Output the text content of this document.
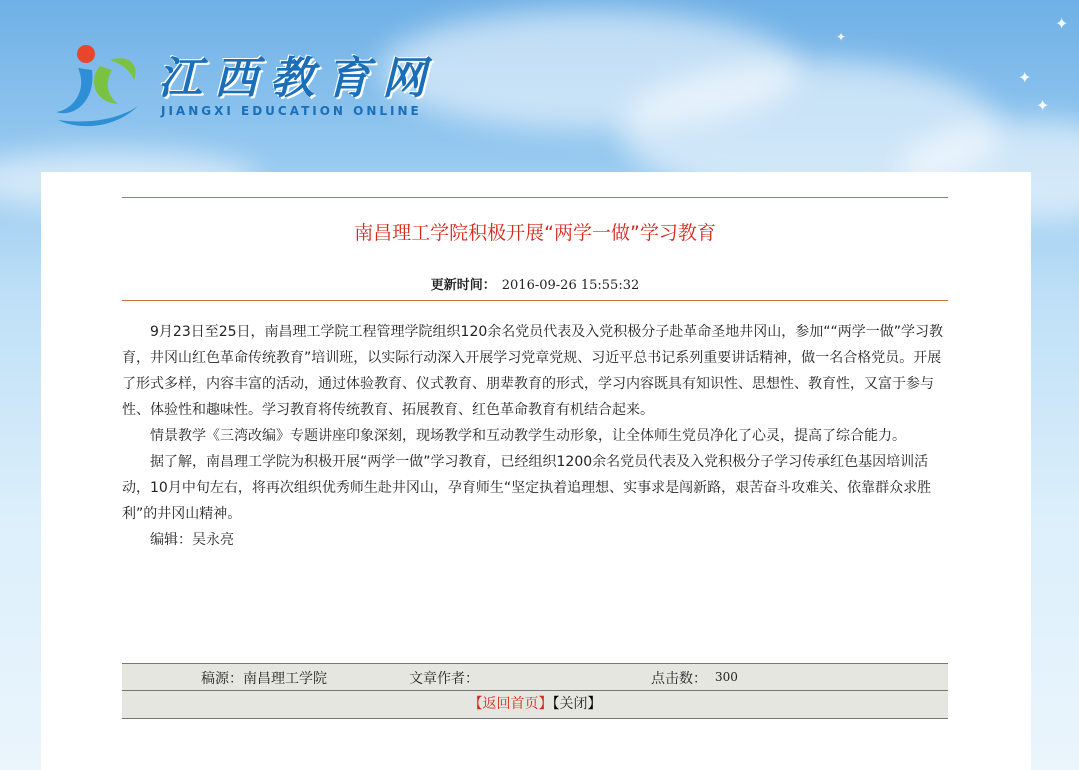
✦
✦
✦
✦
江西教育网
JIANGXI EDUCATION ONLINE
南昌理工学院积极开展“两学一做”学习教育
更新时间： 2016-09-26 15:55:32

9月23日至25日，南昌理工学院工程管理学院组织120余名党员代表及入党积极分子赴革命圣地井冈山，参加““两学一做”学习教育，井冈山红色革命传统教育”培训班，以实际行动深入开展学习党章党规、习近平总书记系列重要讲话精神，做一名合格党员。开展了形式多样，内容丰富的活动，通过体验教育、仪式教育、朋辈教育的形式，学习内容既具有知识性、思想性、教育性，又富于参与性、体验性和趣味性。学习教育将传统教育、拓展教育、红色革命教育有机结合起来。

情景教学《三湾改编》专题讲座印象深刻，现场教学和互动教学生动形象，让全体师生党员净化了心灵，提高了综合能力。

据了解，南昌理工学院为积极开展“两学一做”学习教育，已经组织1200余名党员代表及入党积极分子学习传承红色基因培训活动，10月中旬左右，将再次组织优秀师生赴井冈山，孕育师生“坚定执着追理想、实事求是闯新路，艰苦奋斗攻难关、依靠群众求胜利”的井冈山精神。

编辑：吴永亮

稿源：南昌理工学院	文章作者：	点击数： 300
【返回首页】【关闭】
